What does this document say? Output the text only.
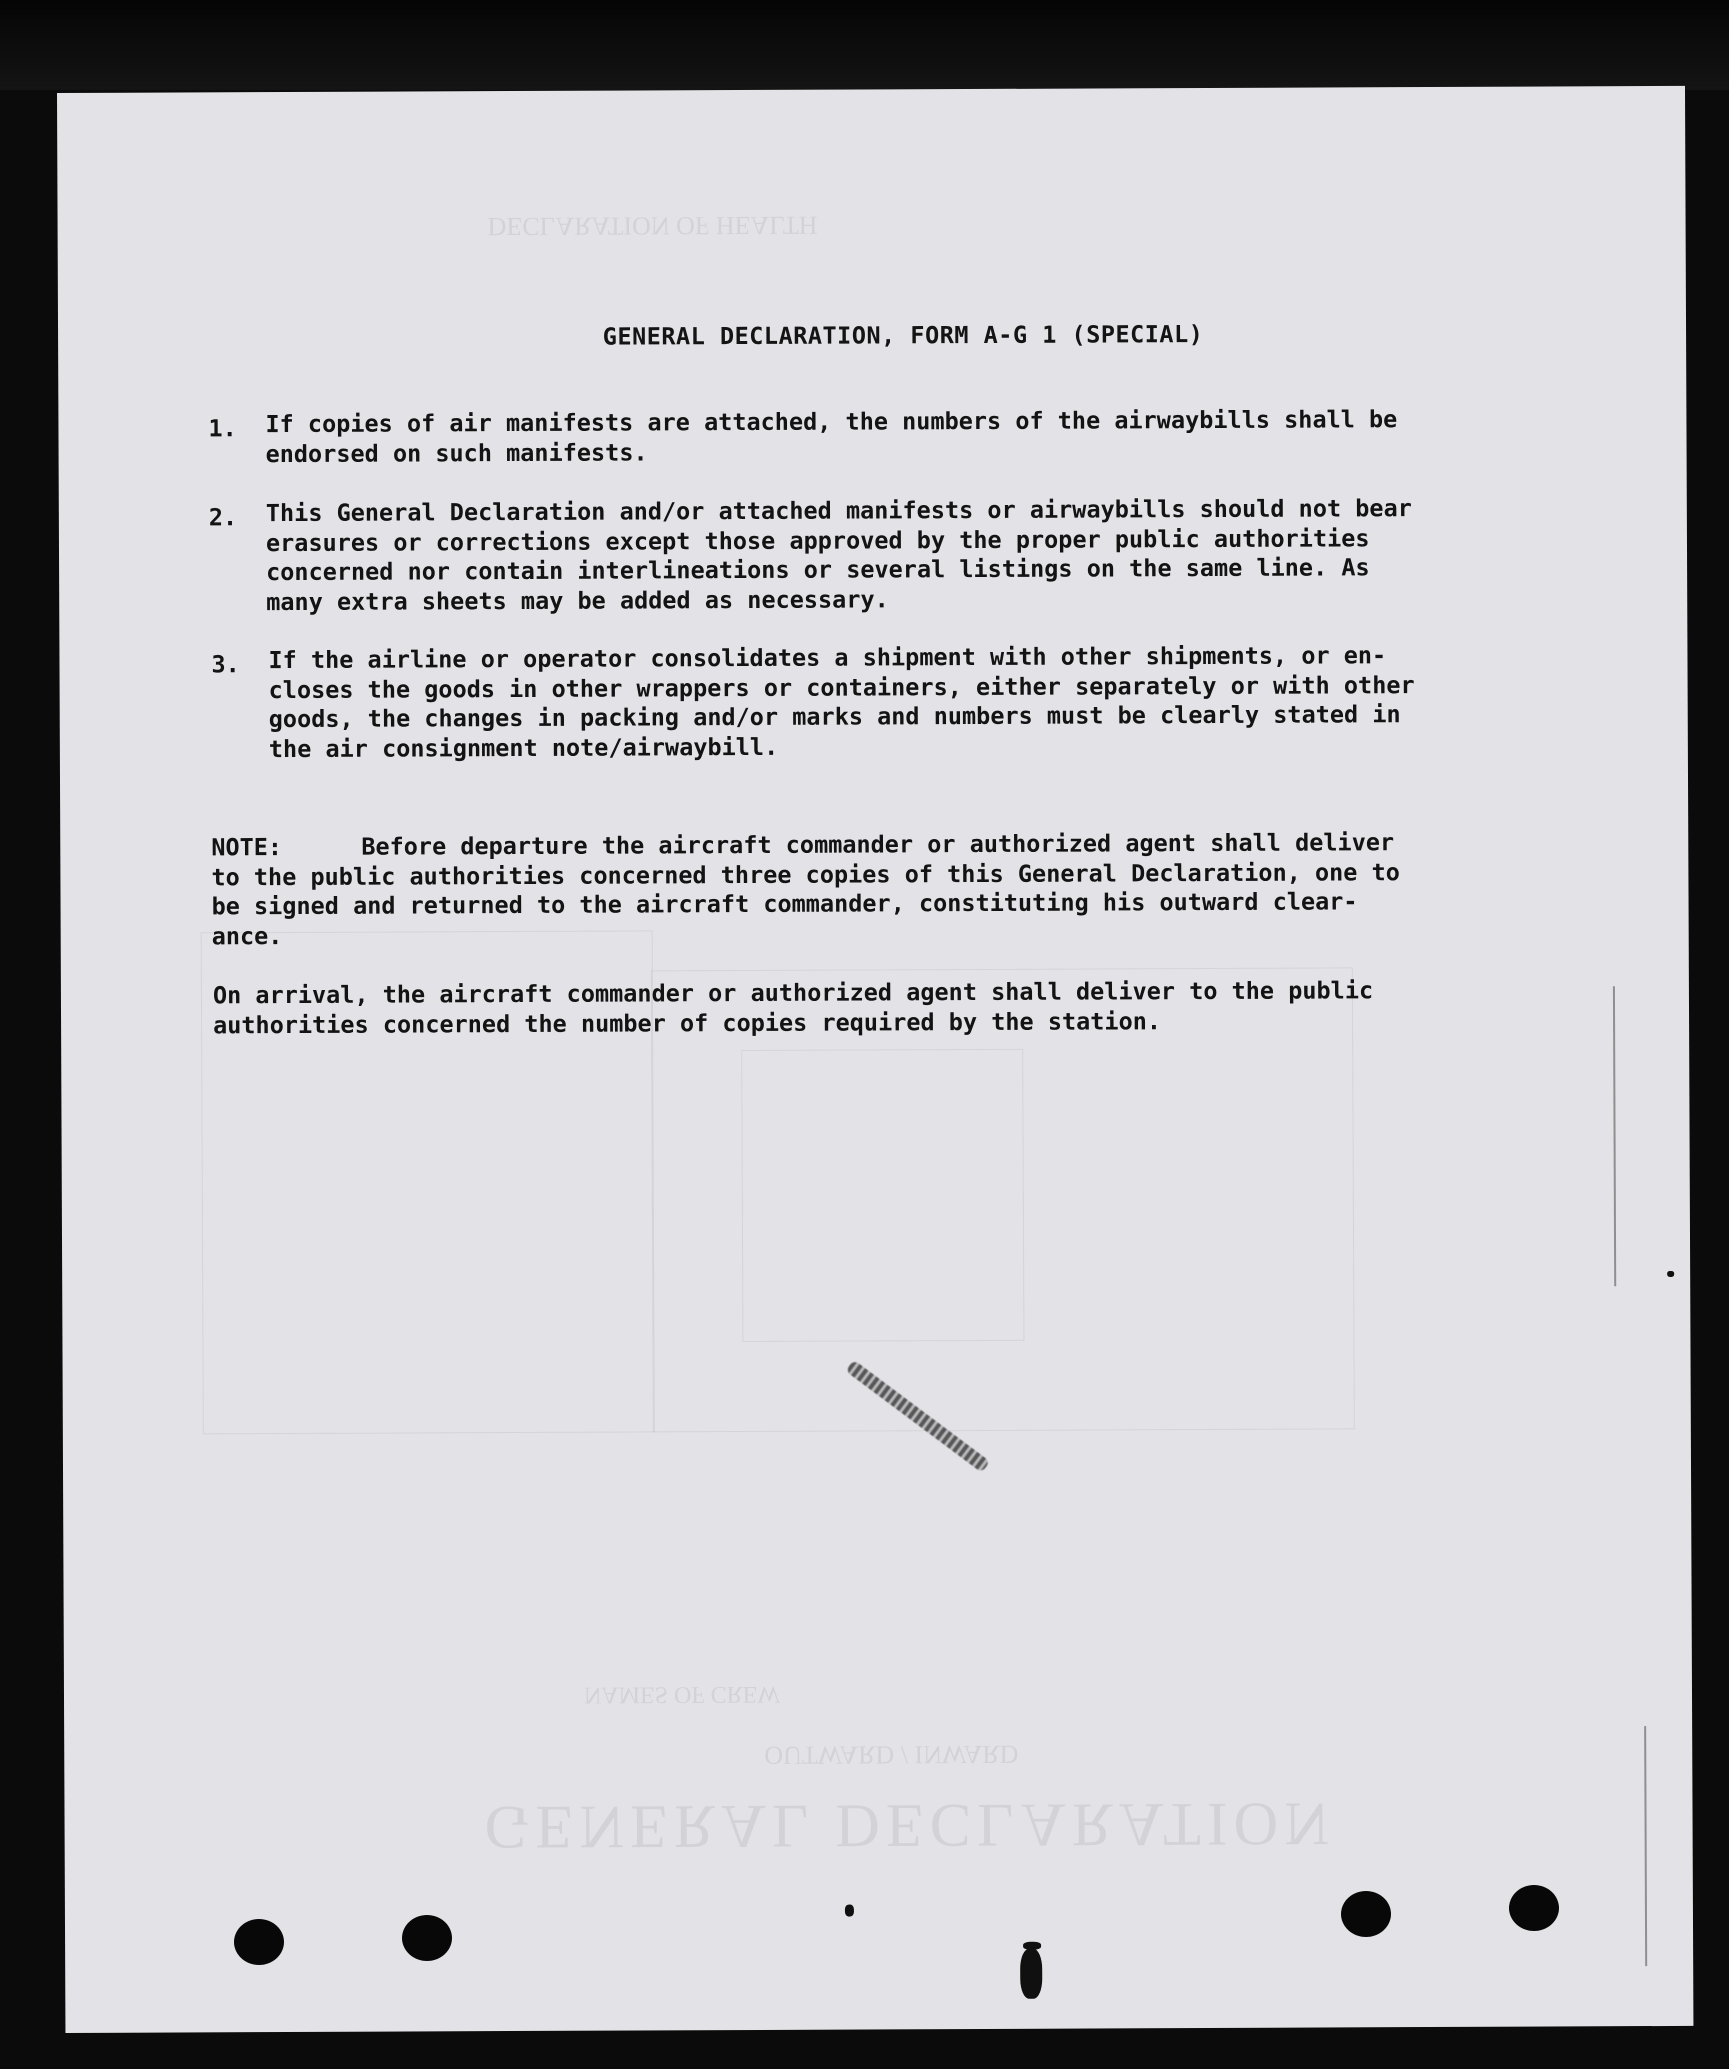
GENERAL DECLARATION
OUTWARD / INWARD
NAMES OF CREW
DECLARATION OF HEALTH
GENERAL DECLARATION, FORM A-G 1 (SPECIAL)
1. If copies of air manifests are attached, the numbers of the airwaybills shall be
endorsed on such manifests.
2. This General Declaration and/or attached manifests or airwaybills should not bear
erasures or corrections except those approved by the proper public authorities
concerned nor contain interlineations or several listings on the same line. As
many extra sheets may be added as necessary.
3. If the airline or operator consolidates a shipment with other shipments, or en-
closes the goods in other wrappers or containers, either separately or with other
goods, the changes in packing and/or marks and numbers must be clearly stated in
the air consignment note/airwaybill.
NOTE:	Before departure the aircraft commander or authorized agent shall deliver
to the public authorities concerned three copies of this General Declaration, one to
be signed and returned to the aircraft commander, constituting his outward clear-
ance.
On arrival, the aircraft commander or authorized agent shall deliver to the public
authorities concerned the number of copies required by the station.
